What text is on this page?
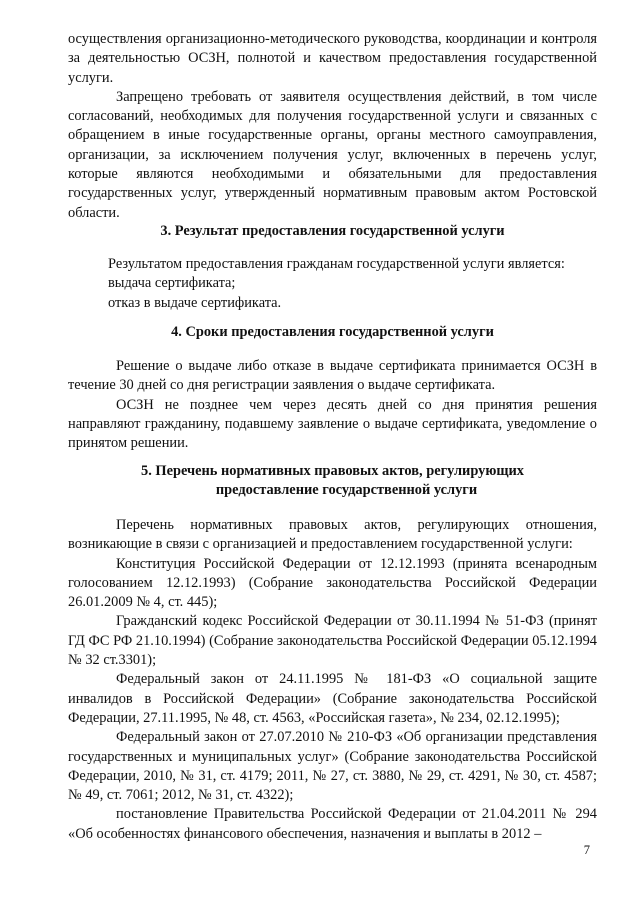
осуществления организационно-методического руководства, координации и контроля за деятельностью ОСЗН, полнотой и качеством предоставления государственной услуги.

Запрещено требовать от заявителя осуществления действий, в том числе согласований, необходимых для получения государственной услуги и связанных с обращением в иные государственные органы, органы местного самоуправления, организации, за исключением получения услуг, включенных в перечень услуг, которые являются необходимыми и обязательными для предоставления государственных услуг, утвержденный нормативным правовым актом Ростовской области.

3. Результат предоставления государственной услуги

Результатом предоставления гражданам государственной услуги является:

выдача сертификата;

отказ в выдаче сертификата.

4. Сроки предоставления государственной услуги

Решение о выдаче либо отказе в выдаче сертификата принимается ОСЗН в течение 30 дней со дня регистрации заявления о выдаче сертификата.

ОСЗН не позднее чем через десять дней со дня принятия решения направляют гражданину, подавшему заявление о выдаче сертификата, уведомление о принятом решении.

5. Перечень нормативных правовых актов, регулирующих

предоставление государственной услуги

Перечень нормативных правовых актов, регулирующих отношения, возникающие в связи с организацией и предоставлением государственной услуги:

Конституция Российской Федерации от 12.12.1993 (принята всенародным голосованием 12.12.1993) (Собрание законодательства Российской Федерации 26.01.2009 № 4, ст. 445);

Гражданский кодекс Российской Федерации от 30.11.1994 № 51-ФЗ (принят ГД ФС РФ 21.10.1994) (Собрание законодательства Российской Федерации 05.12.1994 № 32 ст.3301);

Федеральный закон от 24.11.1995 № 181-ФЗ «О социальной защите инвалидов в Российской Федерации» (Собрание законодательства Российской Федерации, 27.11.1995, № 48, ст. 4563, «Российская газета», № 234, 02.12.1995);

Федеральный закон от 27.07.2010 № 210-ФЗ «Об организации представления государственных и муниципальных услуг» (Собрание законодательства Российской Федерации, 2010, № 31, ст. 4179; 2011, № 27, ст. 3880, № 29, ст. 4291, № 30, ст. 4587; № 49, ст. 7061; 2012, № 31, ст. 4322);

постановление Правительства Российской Федерации от 21.04.2011 № 294 «Об особенностях финансового обеспечения, назначения и выплаты в 2012 –

7
